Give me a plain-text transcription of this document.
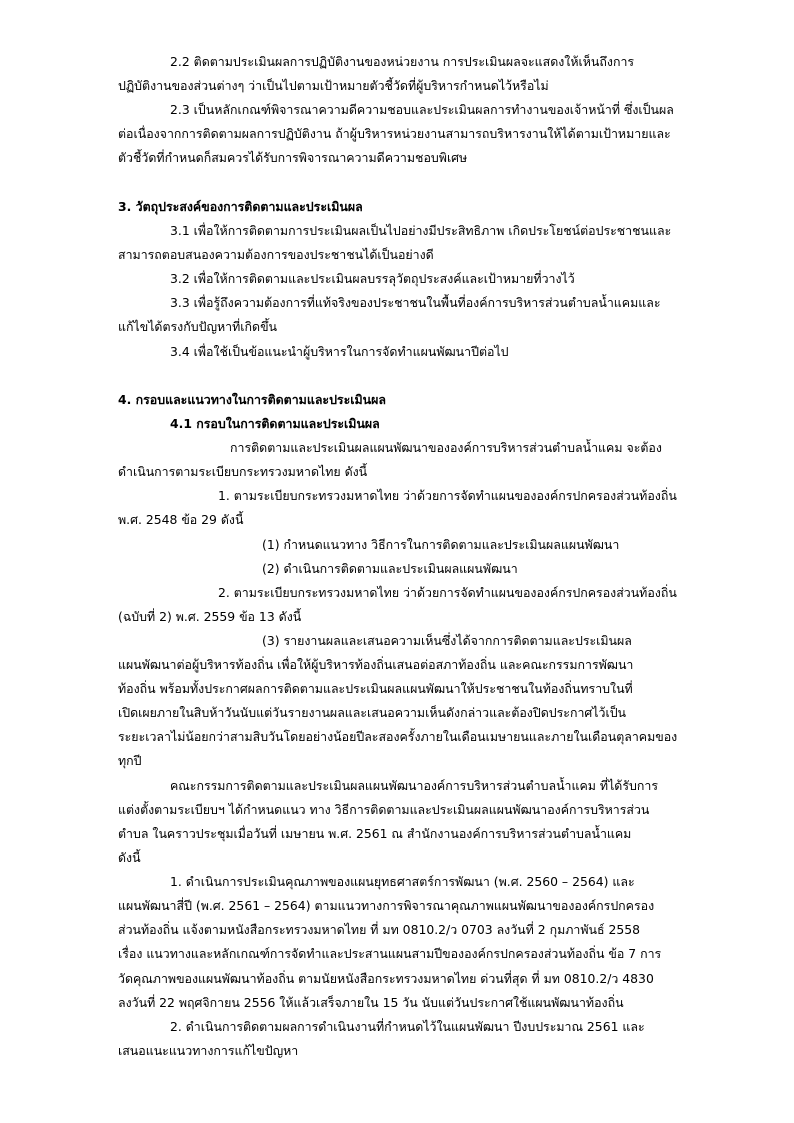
2.2 ติดตามประเมินผลการปฏิบัติงานของหน่วยงาน การประเมินผลจะแสดงให้เห็นถึงการ
ปฏิบัติงานของส่วนต่างๆ ว่าเป็นไปตามเป้าหมายตัวชี้วัดที่ผู้บริหารกำหนดไว้หรือไม่
2.3 เป็นหลักเกณฑ์พิจารณาความดีความชอบและประเมินผลการทำงานของเจ้าหน้าที่ ซึ่งเป็นผล
ต่อเนื่องจากการติดตามผลการปฏิบัติงาน ถ้าผู้บริหารหน่วยงานสามารถบริหารงานให้ได้ตามเป้าหมายและ
ตัวชี้วัดที่กำหนดก็สมควรได้รับการพิจารณาความดีความชอบพิเศษ
3. วัตถุประสงค์ของการติดตามและประเมินผล
3.1 เพื่อให้การติดตามการประเมินผลเป็นไปอย่างมีประสิทธิภาพ เกิดประโยชน์ต่อประชาชนและ
สามารถตอบสนองความต้องการของประชาชนได้เป็นอย่างดี
3.2 เพื่อให้การติดตามและประเมินผลบรรลุวัตถุประสงค์และเป้าหมายที่วางไว้
3.3 เพื่อรู้ถึงความต้องการที่แท้จริงของประชาชนในพื้นที่องค์การบริหารส่วนตำบลน้ำแคมและ
แก้ไขได้ตรงกับปัญหาที่เกิดขึ้น
3.4 เพื่อใช้เป็นข้อแนะนำผู้บริหารในการจัดทำแผนพัฒนาปีต่อไป
4. กรอบและแนวทางในการติดตามและประเมินผล
4.1 กรอบในการติดตามและประเมินผล
การติดตามและประเมินผลแผนพัฒนาขององค์การบริหารส่วนตำบลน้ำแคม จะต้อง
ดำเนินการตามระเบียบกระทรวงมหาดไทย ดังนี้
1. ตามระเบียบกระทรวงมหาดไทย ว่าด้วยการจัดทำแผนขององค์กรปกครองส่วนท้องถิ่น
พ.ศ. 2548 ข้อ 29 ดังนี้
(1) กำหนดแนวทาง วิธีการในการติดตามและประเมินผลแผนพัฒนา
(2) ดำเนินการติดตามและประเมินผลแผนพัฒนา
2. ตามระเบียบกระทรวงมหาดไทย ว่าด้วยการจัดทำแผนขององค์กรปกครองส่วนท้องถิ่น
(ฉบับที่ 2) พ.ศ. 2559 ข้อ 13 ดังนี้
(3) รายงานผลและเสนอความเห็นซึ่งได้จากการติดตามและประเมินผล
แผนพัฒนาต่อผู้บริหารท้องถิ่น เพื่อให้ผู้บริหารท้องถิ่นเสนอต่อสภาท้องถิ่น และคณะกรรมการพัฒนา
ท้องถิ่น พร้อมทั้งประกาศผลการติดตามและประเมินผลแผนพัฒนาให้ประชาชนในท้องถิ่นทราบในที่
เปิดเผยภายในสิบห้าวันนับแต่วันรายงานผลและเสนอความเห็นดังกล่าวและต้องปิดประกาศไว้เป็น
ระยะเวลาไม่น้อยกว่าสามสิบวันโดยอย่างน้อยปีละสองครั้งภายในเดือนเมษายนและภายในเดือนตุลาคมของ
ทุกปี
คณะกรรมการติดตามและประเมินผลแผนพัฒนาองค์การบริหารส่วนตำบลน้ำแคม ที่ได้รับการ
แต่งตั้งตามระเบียบฯ ได้กำหนดแนว ทาง วิธีการติดตามและประเมินผลแผนพัฒนาองค์การบริหารส่วน
ตำบล ในคราวประชุมเมื่อวันที่ เมษายน พ.ศ. 2561 ณ สำนักงานองค์การบริหารส่วนตำบลน้ำแคม
ดังนี้
1. ดำเนินการประเมินคุณภาพของแผนยุทธศาสตร์การพัฒนา (พ.ศ. 2560 – 2564) และ
แผนพัฒนาสี่ปี (พ.ศ. 2561 – 2564) ตามแนวทางการพิจารณาคุณภาพแผนพัฒนาขององค์กรปกครอง
ส่วนท้องถิ่น แจ้งตามหนังสือกระทรวงมหาดไทย ที่ มท 0810.2/ว 0703 ลงวันที่ 2 กุมภาพันธ์ 2558
เรื่อง แนวทางและหลักเกณฑ์การจัดทำและประสานแผนสามปีขององค์กรปกครองส่วนท้องถิ่น ข้อ 7 การ
วัดคุณภาพของแผนพัฒนาท้องถิ่น ตามนัยหนังสือกระทรวงมหาดไทย ด่วนที่สุด ที่ มท 0810.2/ว 4830
ลงวันที่ 22 พฤศจิกายน 2556 ให้แล้วเสร็จภายใน 15 วัน นับแต่วันประกาศใช้แผนพัฒนาท้องถิ่น
2. ดำเนินการติดตามผลการดำเนินงานที่กำหนดไว้ในแผนพัฒนา ปีงบประมาณ 2561 และ
เสนอแนะแนวทางการแก้ไขปัญหา
